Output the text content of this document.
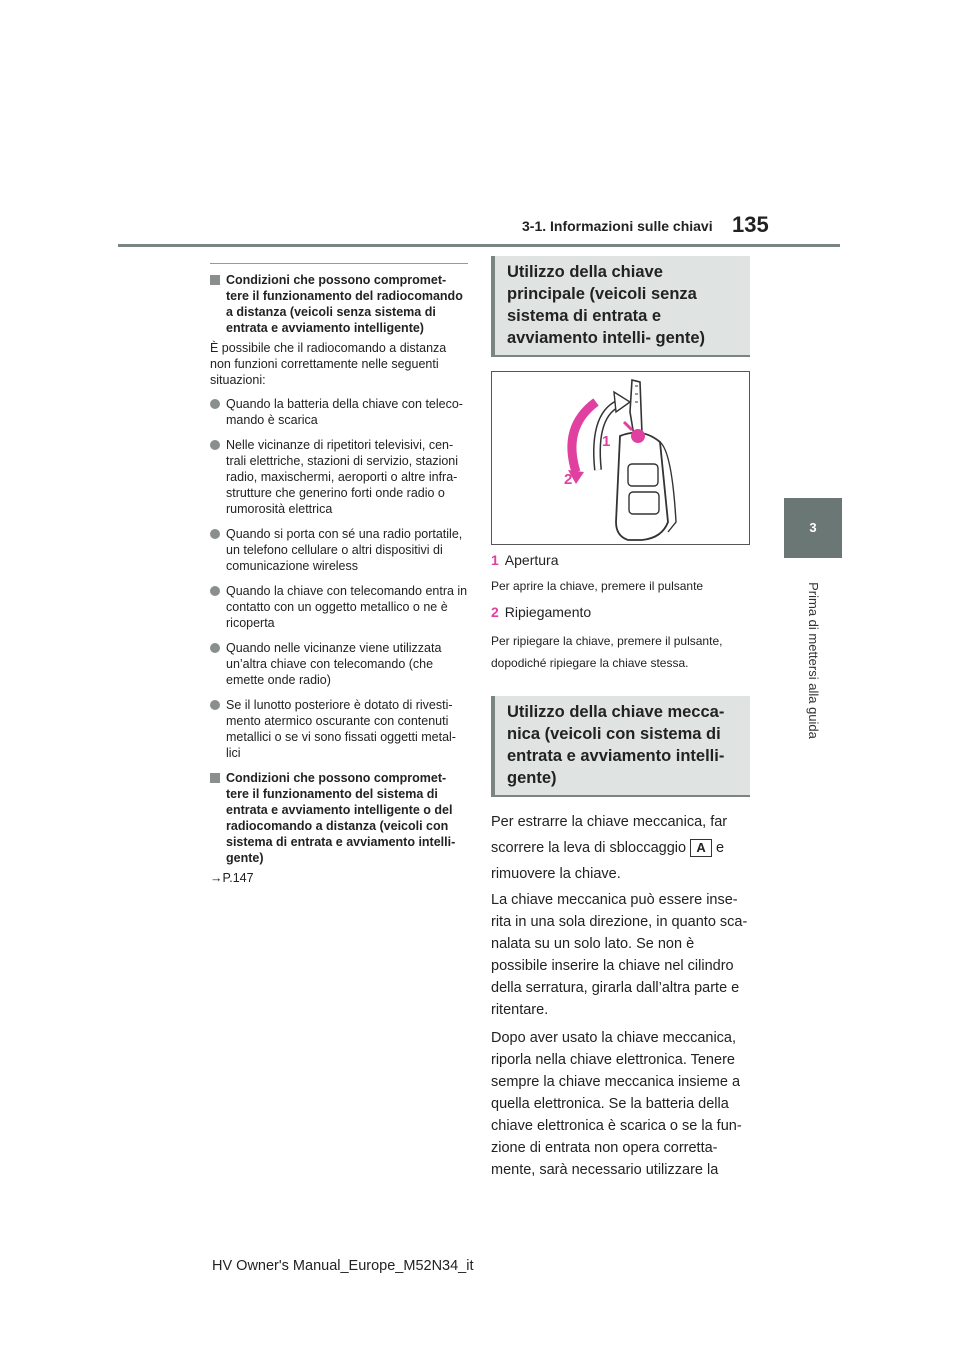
3-1. Informazioni sulle chiavi 135
3
Prima di mettersi alla guida
Condizioni che possono compromet- tere il funzionamento del radiocomando a distanza (veicoli senza sistema di entrata e avviamento intelligente)
È possibile che il radiocomando a distanza non funzioni correttamente nelle seguenti situazioni:
Quando la batteria della chiave con teleco- mando è scarica
Nelle vicinanze di ripetitori televisivi, cen- trali elettriche, stazioni di servizio, stazioni radio, maxischermi, aeroporti o altre infra- strutture che generino forti onde radio o rumorosità elettrica
Quando si porta con sé una radio portatile, un telefono cellulare o altri dispositivi di comunicazione wireless
Quando la chiave con telecomando entra in contatto con un oggetto metallico o ne è ricoperta
Quando nelle vicinanze viene utilizzata un’altra chiave con telecomando (che emette onde radio)
Se il lunotto posteriore è dotato di rivesti- mento atermico oscurante con contenuti metallici o se vi sono fissati oggetti metal- lici
Condizioni che possono compromet- tere il funzionamento del sistema di entrata e avviamento intelligente o del radiocomando a distanza (veicoli con sistema di entrata e avviamento intelli- gente)
→P.147
Utilizzo della chiave principale (veicoli senza sistema di entrata e avviamento intelli- gente)
1
2
1 Apertura
Per aprire la chiave, premere il pulsante
2 Ripiegamento
Per ripiegare la chiave, premere il pulsante, dopodiché ripiegare la chiave stessa.
Utilizzo della chiave mecca- nica (veicoli con sistema di entrata e avviamento intelli- gente)
Per estrarre la chiave meccanica, far scorrere la leva di sbloccaggio A e rimuovere la chiave.
La chiave meccanica può essere inse- rita in una sola direzione, in quanto sca- nalata su un solo lato. Se non è possibile inserire la chiave nel cilindro della serratura, girarla dall’altra parte e ritentare.
Dopo aver usato la chiave meccanica, riporla nella chiave elettronica. Tenere sempre la chiave meccanica insieme a quella elettronica. Se la batteria della chiave elettronica è scarica o se la fun- zione di entrata non opera corretta- mente, sarà necessario utilizzare la
HV Owner's Manual_Europe_M52N34_it
